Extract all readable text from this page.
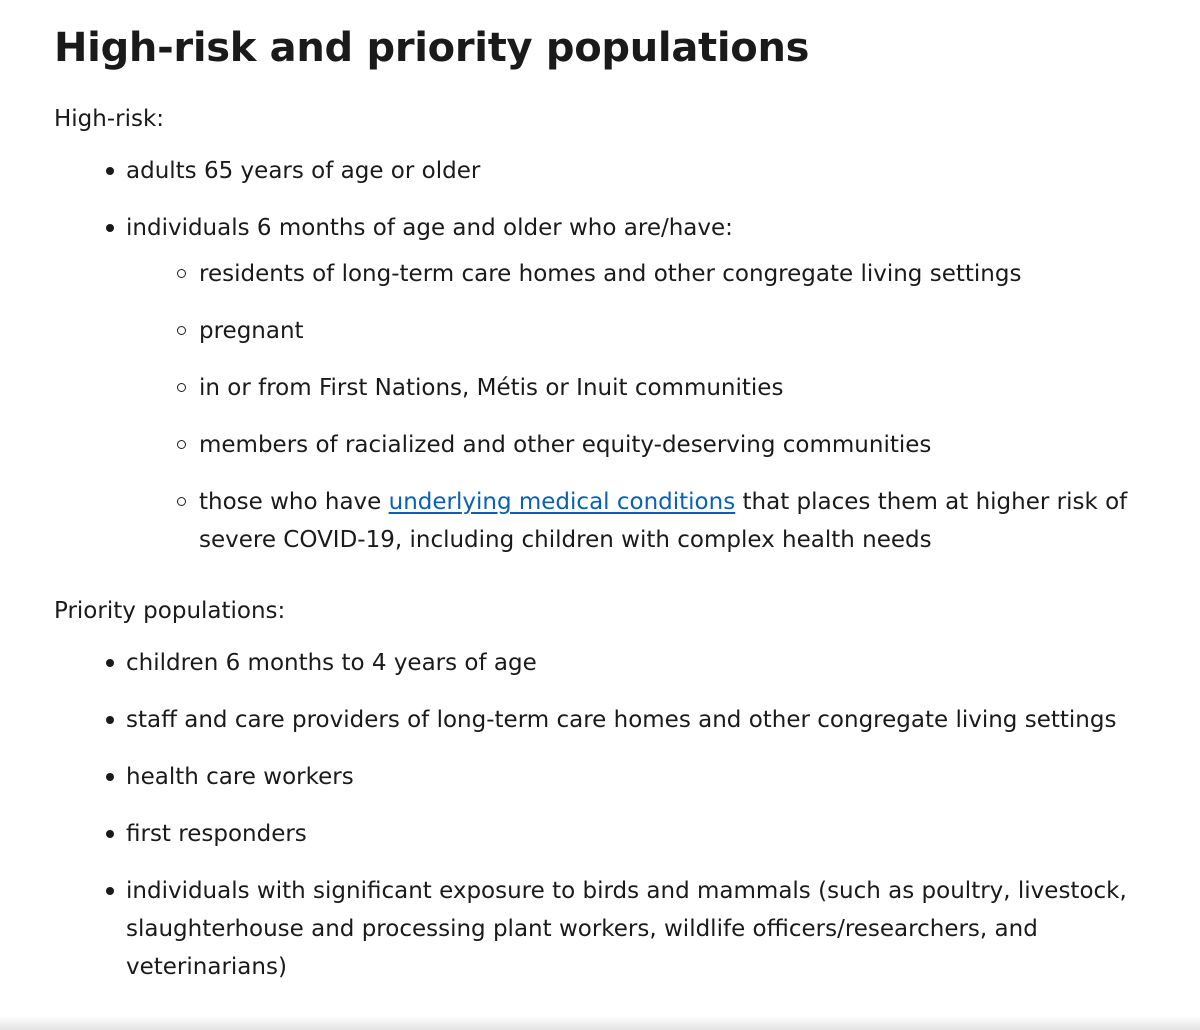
High-risk and priority populations

High-risk:

adults 65 years of age or older
individuals 6 months of age and older who are/have:
residents of long-term care homes and other congregate living settings
pregnant
in or from First Nations, Métis or Inuit communities
members of racialized and other equity-deserving communities
those who have underlying medical conditions that places them at higher risk of severe COVID-19, including children with complex health needs

Priority populations:

children 6 months to 4 years of age
staff and care providers of long-term care homes and other congregate living settings
health care workers
first responders
individuals with significant exposure to birds and mammals (such as poultry, livestock, slaughterhouse and processing plant workers, wildlife officers/researchers, and veterinarians)
